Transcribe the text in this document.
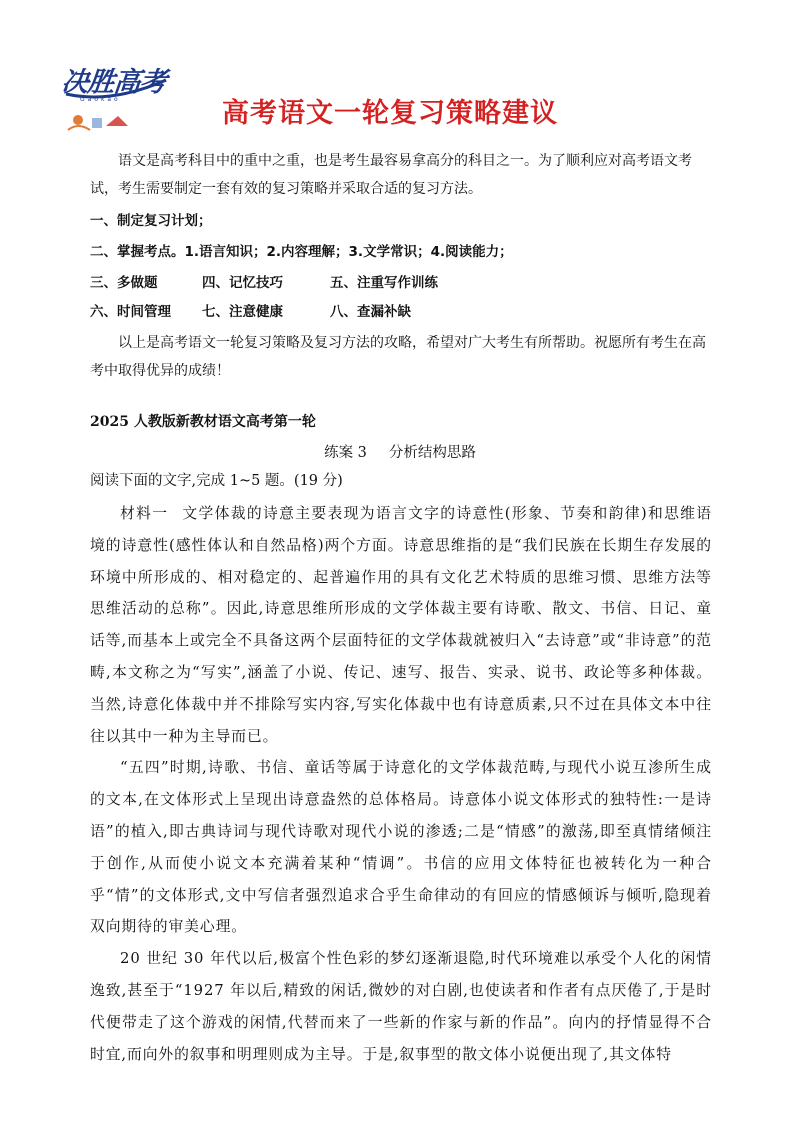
决胜高考
Gaokao	高考语文一轮复习策略建议

语文是高考科目中的重中之重，也是考生最容易拿高分的科目之一。为了顺利应对高考语文考试，考生需要制定一套有效的复习策略并采取合适的复习方法。

一、制定复习计划；
二、掌握考点。1.语言知识；2.内容理解；3.文学常识；4.阅读能力；
三、多做题	四、记忆技巧	五、注重写作训练
六、时间管理 七、注意健康	八、查漏补缺

以上是高考语文一轮复习策略及复习方法的攻略，希望对广大考生有所帮助。祝愿所有考生在高考中取得优异的成绩！

2025 人教版新教材语文高考第一轮
练案 3 分析结构思路
阅读下面的文字,完成 1~5 题。(19 分)

材料一 文学体裁的诗意主要表现为语言文字的诗意性(形象、节奏和韵律)和思维语境的诗意性(感性体认和自然品格)两个方面。诗意思维指的是“我们民族在长期生存发展的环境中所形成的、相对稳定的、起普遍作用的具有文化艺术特质的思维习惯、思维方法等思维活动的总称”。因此,诗意思维所形成的文学体裁主要有诗歌、散文、书信、日记、童话等,而基本上或完全不具备这两个层面特征的文学体裁就被归入“去诗意”或“非诗意”的范畴,本文称之为“写实”,涵盖了小说、传记、速写、报告、实录、说书、政论等多种体裁。当然,诗意化体裁中并不排除写实内容,写实化体裁中也有诗意质素,只不过在具体文本中往往以其中一种为主导而已。

“五四”时期,诗歌、书信、童话等属于诗意化的文学体裁范畴,与现代小说互渗所生成的文本,在文体形式上呈现出诗意盎然的总体格局。诗意体小说文体形式的独特性:一是诗语”的植入,即古典诗词与现代诗歌对现代小说的渗透;二是“情感”的激荡,即至真情绪倾注于创作,从而使小说文本充满着某种“情调”。书信的应用文体特征也被转化为一种合乎“情”的文体形式,文中写信者强烈追求合乎生命律动的有回应的情感倾诉与倾听,隐现着双向期待的审美心理。

20 世纪 30 年代以后,极富个性色彩的梦幻逐渐退隐,时代环境难以承受个人化的闲情逸致,甚至于“1927 年以后,精致的闲话,微妙的对白剧,也使读者和作者有点厌倦了,于是时代便带走了这个游戏的闲情,代替而来了一些新的作家与新的作品”。向内的抒情显得不合时宜,而向外的叙事和明理则成为主导。于是,叙事型的散文体小说便出现了,其文体特
